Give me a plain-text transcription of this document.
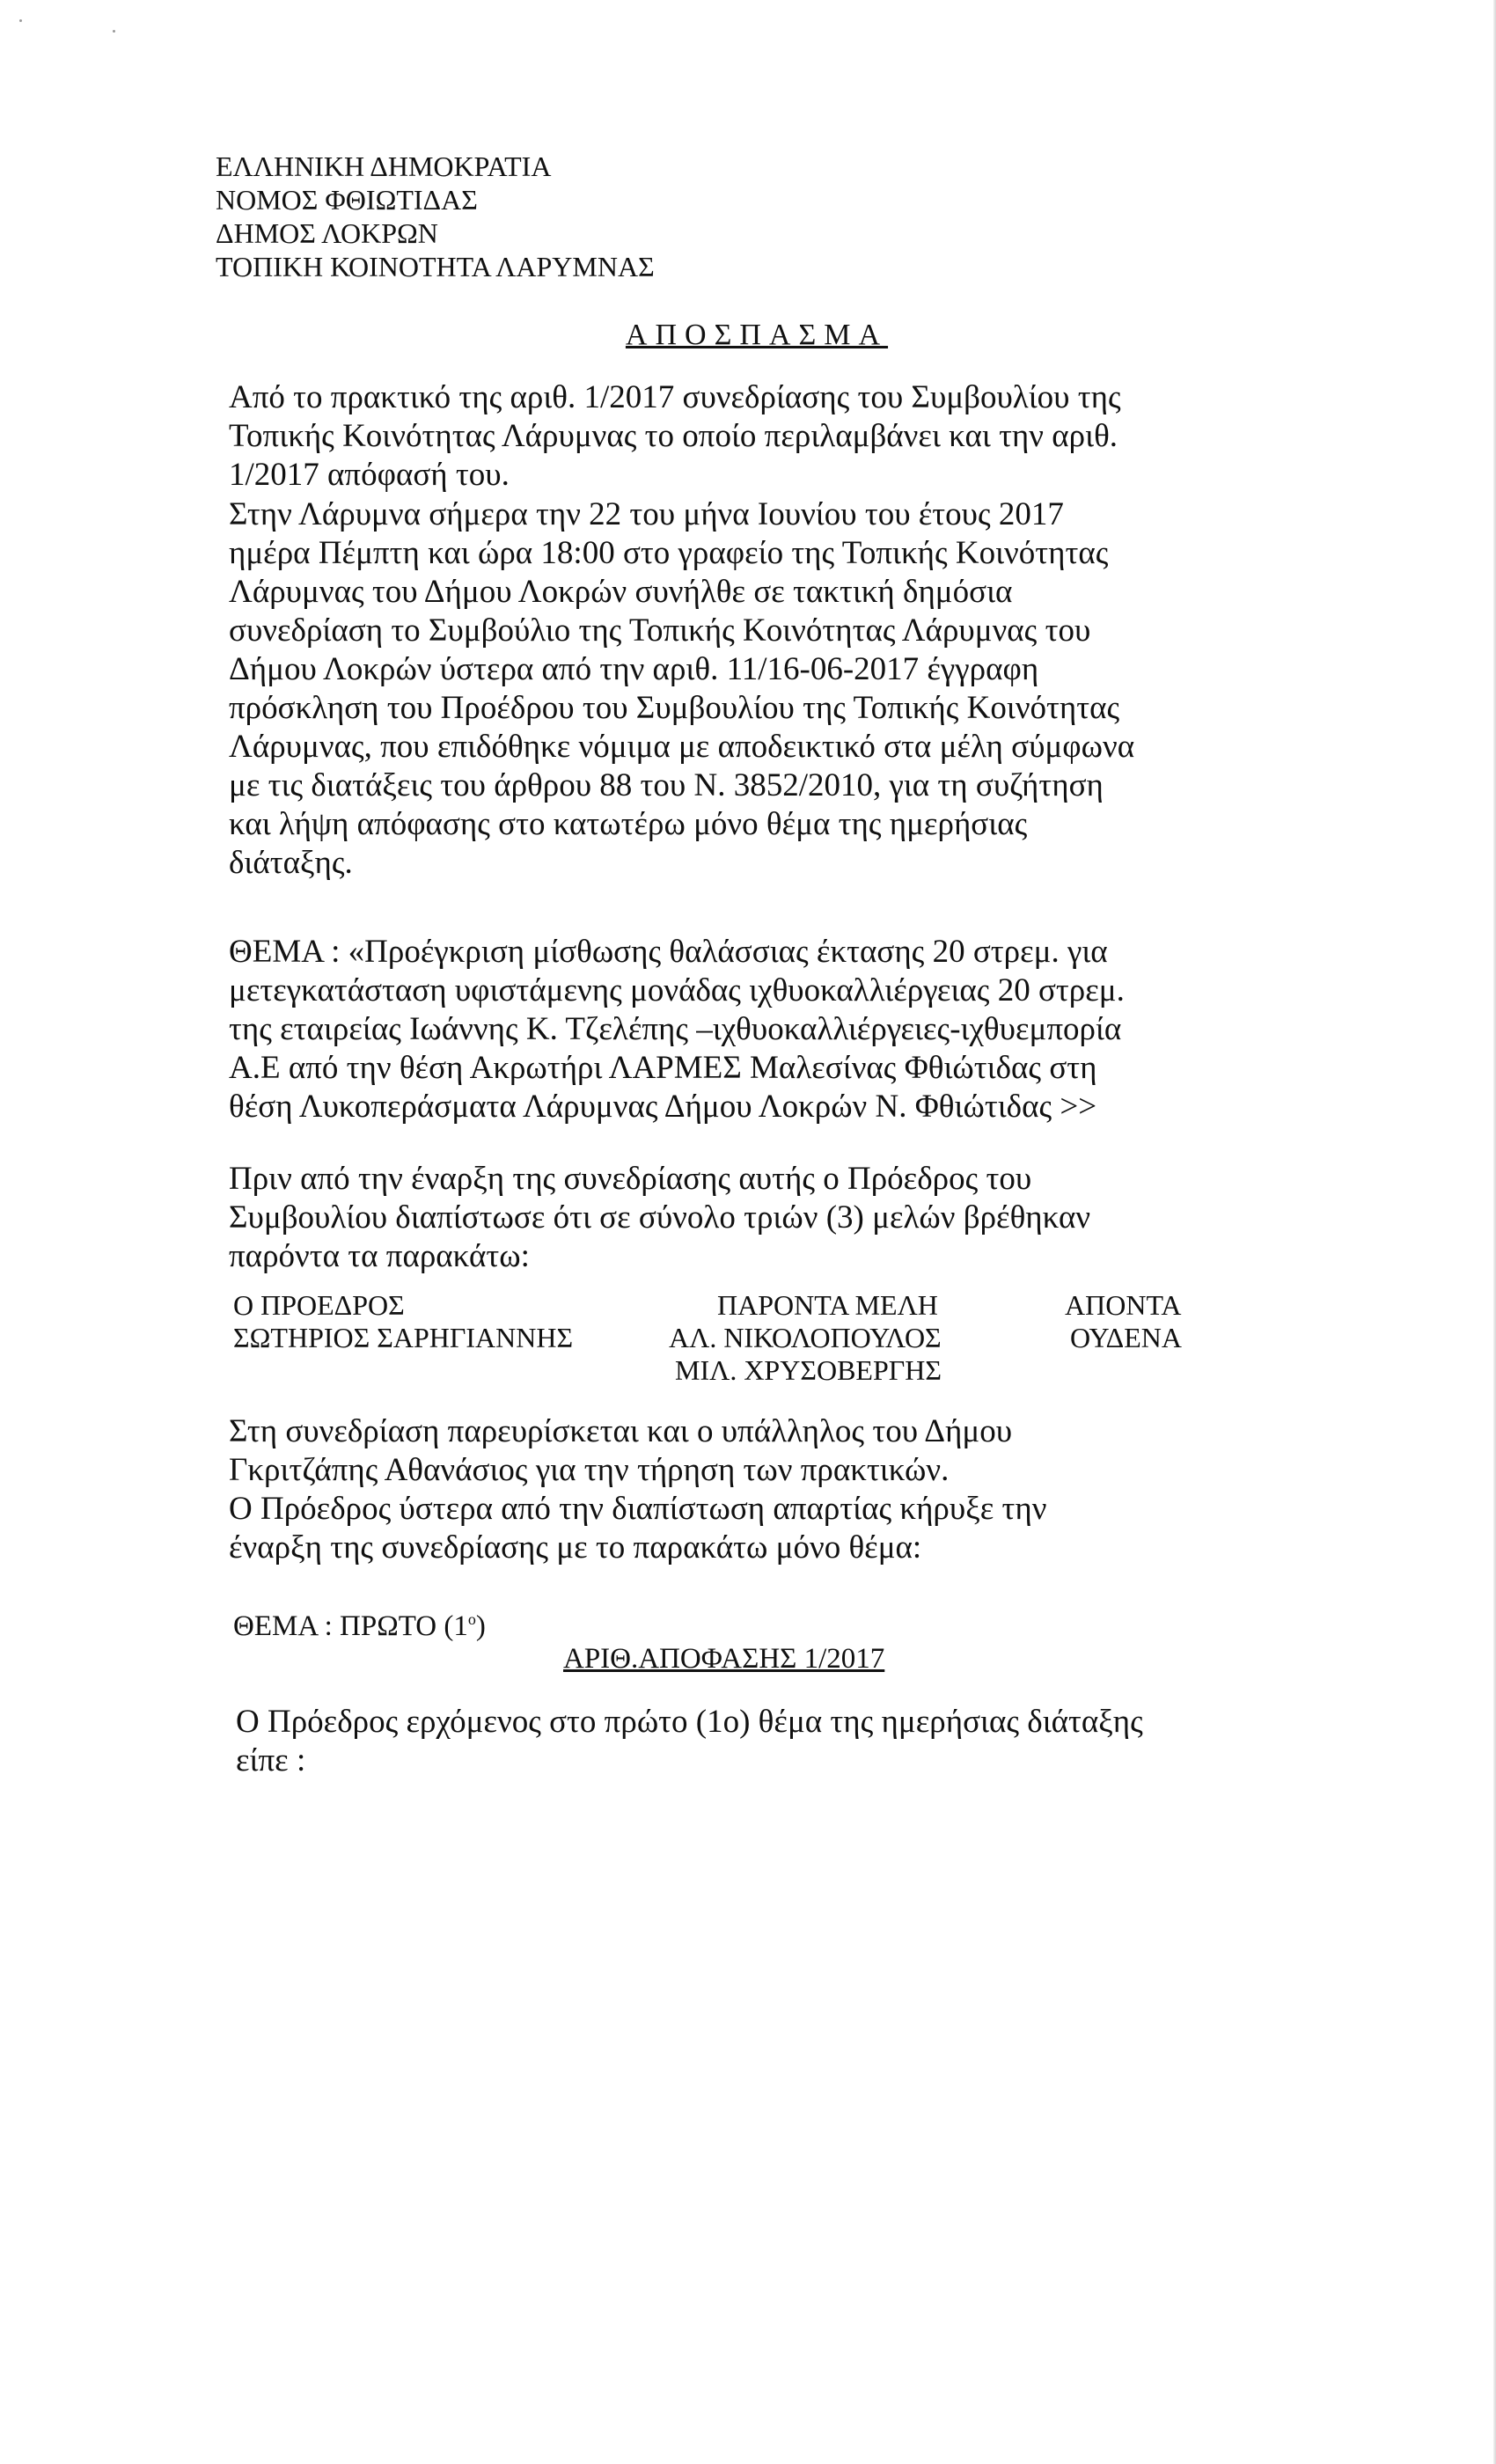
ΕΛΛΗΝΙΚΗ ΔΗΜΟΚΡΑΤΙΑ
ΝΟΜΟΣ ΦΘΙΩΤΙΔΑΣ
ΔΗΜΟΣ ΛΟΚΡΩΝ
ΤΟΠΙΚΗ ΚΟΙΝΟΤΗΤΑ ΛΑΡΥΜΝΑΣ
ΑΠΟΣΠΑΣΜΑ
Από το πρακτικό της αριθ. 1/2017 συνεδρίασης του Συμβουλίου της
Τοπικής Κοινότητας Λάρυμνας το οποίο περιλαμβάνει και την αριθ.
1/2017 απόφασή του.
Στην Λάρυμνα σήμερα την 22 του μήνα Ιουνίου του έτους 2017
ημέρα Πέμπτη και ώρα 18:00 στο γραφείο της Τοπικής Κοινότητας
Λάρυμνας του Δήμου Λοκρών συνήλθε σε τακτική δημόσια
συνεδρίαση το Συμβούλιο της Τοπικής Κοινότητας Λάρυμνας του
Δήμου Λοκρών ύστερα από την αριθ. 11/16-06-2017 έγγραφη
πρόσκληση του Προέδρου του Συμβουλίου της Τοπικής Κοινότητας
Λάρυμνας, που επιδόθηκε νόμιμα με αποδεικτικό στα μέλη σύμφωνα
με τις διατάξεις του άρθρου 88 του Ν. 3852/2010, για τη συζήτηση
και λήψη απόφασης στο κατωτέρω μόνο θέμα της ημερήσιας
διάταξης.
ΘΕΜΑ : «Προέγκριση μίσθωσης θαλάσσιας έκτασης 20 στρεμ. για
μετεγκατάσταση υφιστάμενης μονάδας ιχθυοκαλλιέργειας 20 στρεμ.
της εταιρείας Ιωάννης Κ. Τζελέπης –ιχθυοκαλλιέργειες-ιχθυεμπορία
Α.Ε από την θέση Ακρωτήρι ΛΑΡΜΕΣ Μαλεσίνας Φθιώτιδας στη
θέση Λυκοπεράσματα Λάρυμνας Δήμου Λοκρών Ν. Φθιώτιδας >>
Πριν από την έναρξη της συνεδρίασης αυτής ο Πρόεδρος του
Συμβουλίου διαπίστωσε ότι σε σύνολο τριών (3) μελών βρέθηκαν
παρόντα τα παρακάτω:
Ο ΠΡΟΕΔΡΟΣ
ΣΩΤΗΡΙΟΣ ΣΑΡΗΓΙΑΝΝΗΣ
ΠΑΡΟΝΤΑ ΜΕΛΗ
ΑΛ. ΝΙΚΟΛΟΠΟΥΛΟΣ
ΜΙΛ. ΧΡΥΣΟΒΕΡΓΗΣ
ΑΠΟΝΤΑ
ΟΥΔΕΝΑ
Στη συνεδρίαση παρευρίσκεται και ο υπάλληλος του Δήμου
Γκριτζάπης Αθανάσιος για την τήρηση των πρακτικών.
Ο Πρόεδρος ύστερα από την διαπίστωση απαρτίας κήρυξε την
έναρξη της συνεδρίασης με το παρακάτω μόνο θέμα:
ΘΕΜΑ : ΠΡΩΤΟ $(1^o)$
ΑΡΙΘ.ΑΠΟΦΑΣΗΣ 1/2017
Ο Πρόεδρος ερχόμενος στο πρώτο (1ο) θέμα της ημερήσιας διάταξης
είπε :
